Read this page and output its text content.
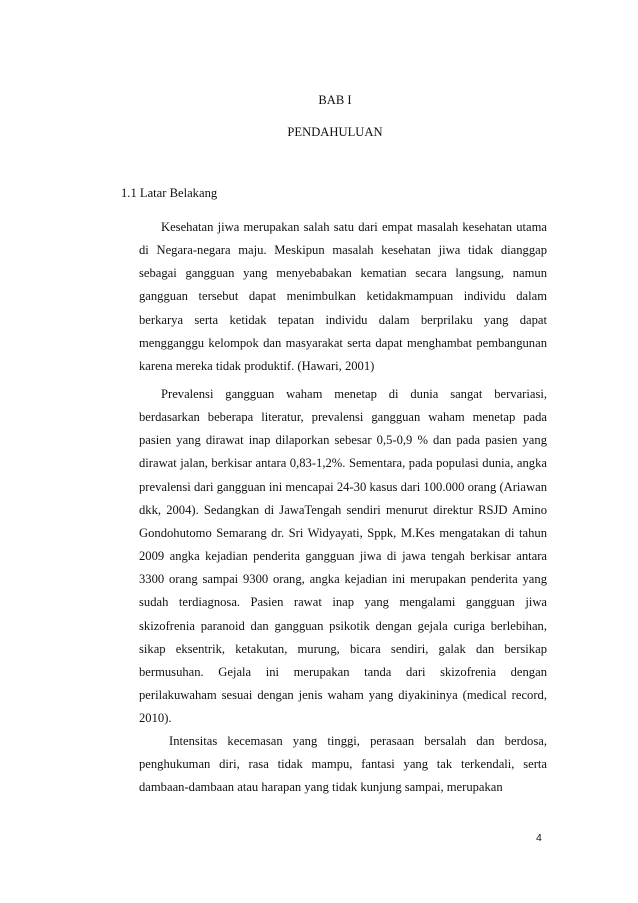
BAB I
PENDAHULUAN
1.1 Latar Belakang

Kesehatan jiwa merupakan salah satu dari empat masalah kesehatan utama di Negara-negara maju. Meskipun masalah kesehatan jiwa tidak dianggap sebagai gangguan yang menyebabakan kematian secara langsung, namun gangguan tersebut dapat menimbulkan ketidakmampuan individu dalam berkarya serta ketidak tepatan individu dalam berprilaku yang dapat mengganggu kelompok dan masyarakat serta dapat menghambat pembangunan karena mereka tidak produktif. (Hawari, 2001)

Prevalensi gangguan waham menetap di dunia sangat bervariasi, berdasarkan beberapa literatur, prevalensi gangguan waham menetap pada pasien yang dirawat inap dilaporkan sebesar 0,5-0,9 % dan pada pasien yang dirawat jalan, berkisar antara 0,83-1,2%. Sementara, pada populasi dunia, angka prevalensi dari gangguan ini mencapai 24-30 kasus dari 100.000 orang (Ariawan dkk, 2004). Sedangkan di JawaTengah sendiri menurut direktur RSJD Amino Gondohutomo Semarang dr. Sri Widyayati, Sppk, M.Kes mengatakan di tahun 2009 angka kejadian penderita gangguan jiwa di jawa tengah berkisar antara 3300 orang sampai 9300 orang, angka kejadian ini merupakan penderita yang sudah terdiagnosa. Pasien rawat inap yang mengalami gangguan jiwa skizofrenia paranoid dan gangguan psikotik dengan gejala curiga berlebihan, sikap eksentrik, ketakutan, murung, bicara sendiri, galak dan bersikap bermusuhan. Gejala ini merupakan tanda dari skizofrenia dengan perilakuwaham sesuai dengan jenis waham yang diyakininya (medical record, 2010).

Intensitas kecemasan yang tinggi, perasaan bersalah dan berdosa, penghukuman diri, rasa tidak mampu, fantasi yang tak terkendali, serta dambaan-dambaan atau harapan yang tidak kunjung sampai, merupakan

4
